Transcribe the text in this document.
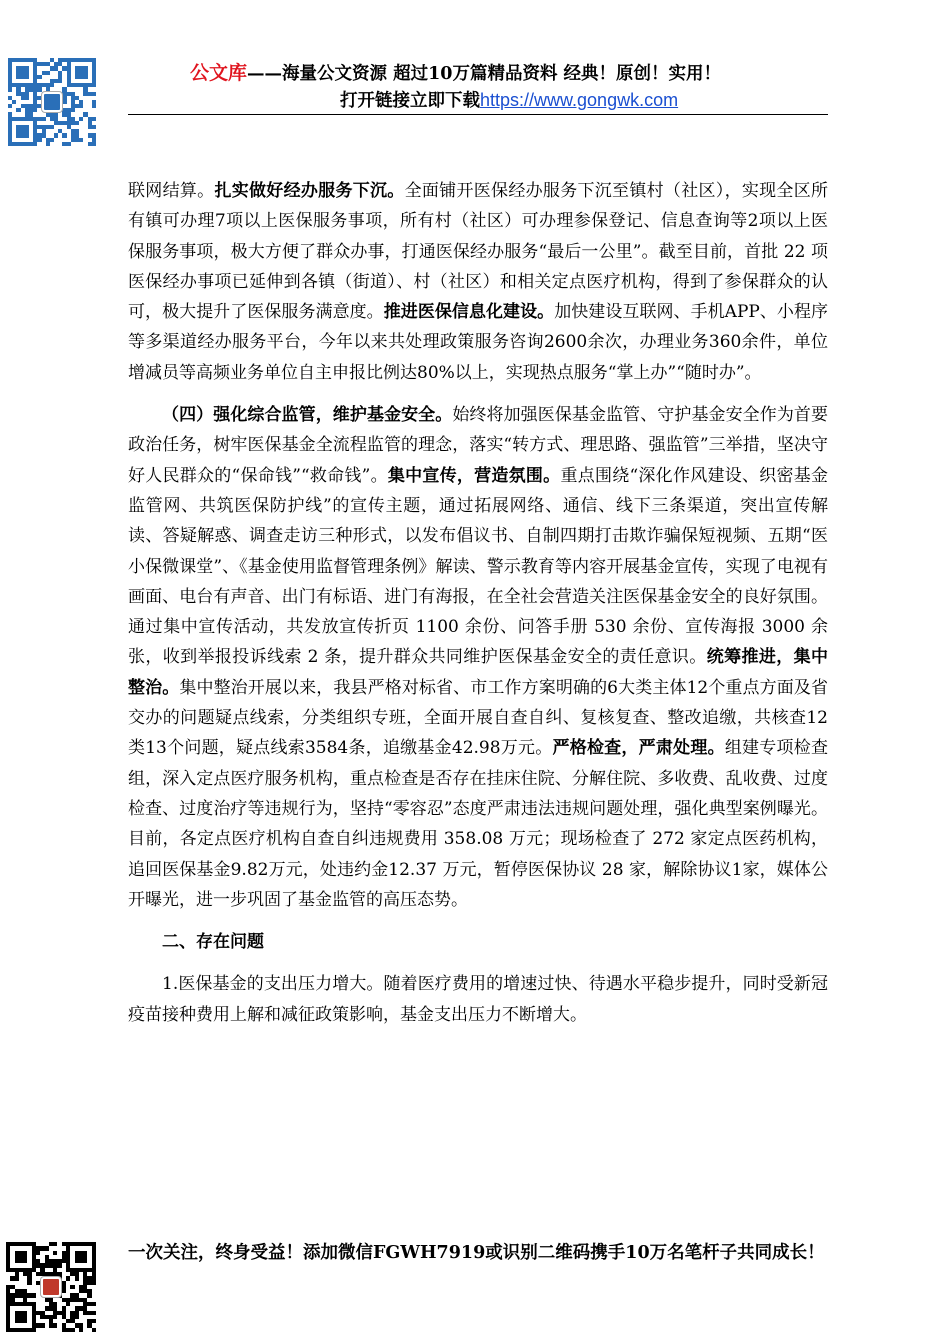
公文库——海量公文资源 超过10万篇精品资料 经典！原创！实用！
打开链接立即下载https://www.gongwk.com

联网结算。扎实做好经办服务下沉。全面铺开医保经办服务下沉至镇村（社区），实现全区所有镇可办理7项以上医保服务事项，所有村（社区）可办理参保登记、信息查询等2项以上医保服务事项，极大方便了群众办事，打通医保经办服务“最后一公里”。截至目前，首批 22 项医保经办事项已延伸到各镇（街道）、村（社区）和相关定点医疗机构，得到了参保群众的认可，极大提升了医保服务满意度。推进医保信息化建设。加快建设互联网、手机APP、小程序等多渠道经办服务平台，今年以来共处理政策服务咨询2600余次，办理业务360余件，单位增减员等高频业务单位自主申报比例达80%以上，实现热点服务“掌上办”“随时办”。

（四）强化综合监管，维护基金安全。始终将加强医保基金监管、守护基金安全作为首要政治任务，树牢医保基金全流程监管的理念，落实“转方式、理思路、强监管”三举措，坚决守好人民群众的“保命钱”“救命钱”。集中宣传，营造氛围。重点围绕“深化作风建设、织密基金监管网、共筑医保防护线”的宣传主题，通过拓展网络、通信、线下三条渠道，突出宣传解读、答疑解惑、调查走访三种形式，以发布倡议书、自制四期打击欺诈骗保短视频、五期“医小保微课堂”、《基金使用监督管理条例》解读、警示教育等内容开展基金宣传，实现了电视有画面、电台有声音、出门有标语、进门有海报，在全社会营造关注医保基金安全的良好氛围。通过集中宣传活动，共发放宣传折页 1100 余份、问答手册 530 余份、宣传海报 3000 余张，收到举报投诉线索 2 条，提升群众共同维护医保基金安全的责任意识。统筹推进，集中整治。集中整治开展以来，我县严格对标省、市工作方案明确的6大类主体12个重点方面及省交办的问题疑点线索，分类组织专班，全面开展自查自纠、复核复查、整改追缴，共核查12类13个问题，疑点线索3584条，追缴基金42.98万元。严格检查，严肃处理。组建专项检查组，深入定点医疗服务机构，重点检查是否存在挂床住院、分解住院、多收费、乱收费、过度检查、过度治疗等违规行为，坚持“零容忍”态度严肃违法违规问题处理，强化典型案例曝光。目前，各定点医疗机构自查自纠违规费用 358.08 万元；现场检查了 272 家定点医药机构，追回医保基金9.82万元，处违约金12.37 万元，暂停医保协议 28 家，解除协议1家，媒体公开曝光，进一步巩固了基金监管的高压态势。

二、存在问题

1.医保基金的支出压力增大。随着医疗费用的增速过快、待遇水平稳步提升，同时受新冠疫苗接种费用上解和减征政策影响，基金支出压力不断增大。

一次关注，终身受益！添加微信FGWH7919或识别二维码携手10万名笔杆子共同成长！
